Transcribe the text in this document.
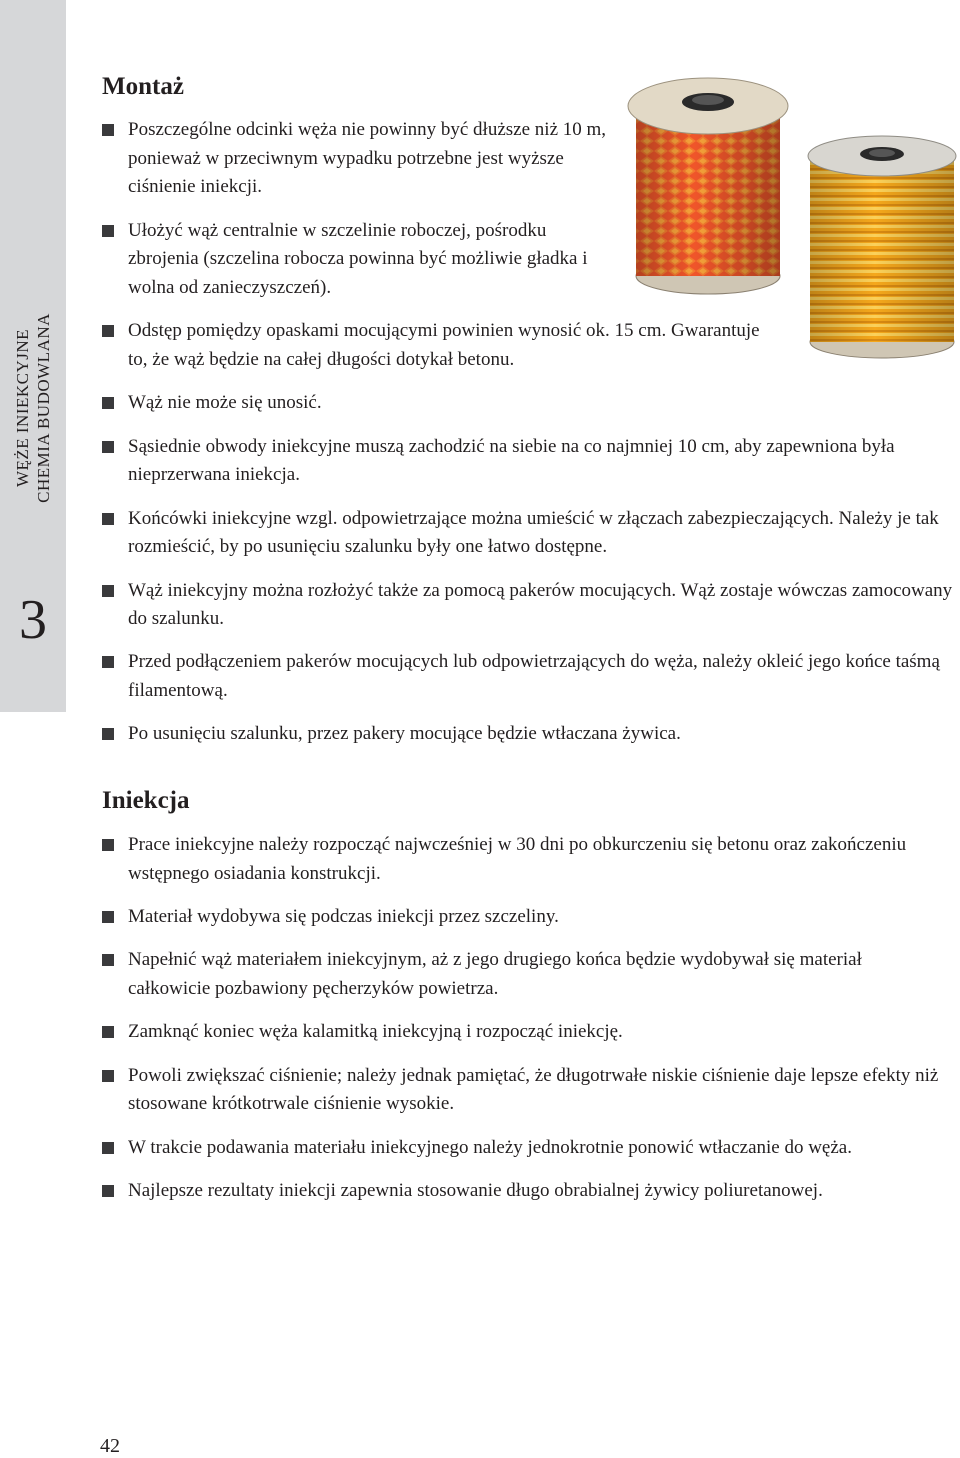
WĘŻE INIEKCYJNE CHEMIA BUDOWLANA
3
Montaż
Poszczególne odcinki węża nie powinny być dłuższe niż 10 m, ponieważ w przeciwnym wypadku potrzebne jest wyższe ciśnienie iniekcji.
Ułożyć wąż centralnie w szczelinie roboczej, pośrodku zbrojenia (szczelina robocza powinna być możliwie gładka i wolna od zanieczyszczeń).
Odstęp pomiędzy opaskami mocującymi powinien wynosić ok. 15 cm. Gwarantuje to, że wąż będzie na całej długości dotykał betonu.
Wąż nie może się unosić.
Sąsiednie obwody iniekcyjne muszą zachodzić na siebie na co najmniej 10 cm, aby zapewniona była nieprzerwana iniekcja.
Końcówki iniekcyjne wzgl. odpowietrzające można umieścić w złączach zabezpieczających. Należy je tak rozmieścić, by po usunięciu szalunku były one łatwo dostępne.
Wąż iniekcyjny można rozłożyć także za pomocą pakerów mocujących. Wąż zostaje wówczas zamocowany do szalunku.
Przed podłączeniem pakerów mocujących lub odpowietrzających do węża, należy okleić jego końce taśmą filamentową.
Po usunięciu szalunku, przez pakery mocujące będzie wtłaczana żywica.
Iniekcja
Prace iniekcyjne należy rozpocząć najwcześniej w 30 dni po obkurczeniu się betonu oraz zakończeniu wstępnego osiadania konstrukcji.
Materiał wydobywa się podczas iniekcji przez szczeliny.
Napełnić wąż materiałem iniekcyjnym, aż z jego drugiego końca będzie wydobywał się materiał całkowicie pozbawiony pęcherzyków powietrza.
Zamknąć koniec węża kalamitką iniekcyjną i rozpocząć iniekcję.
Powoli zwiększać ciśnienie; należy jednak pamiętać, że długotrwałe niskie ciśnienie daje lepsze efekty niż stosowane krótkotrwale ciśnienie wysokie.
W trakcie podawania materiału iniekcyjnego należy jednokrotnie ponowić wtłaczanie do węża.
Najlepsze rezultaty iniekcji zapewnia stosowanie długo obrabialnej żywicy poliuretanowej.
42
